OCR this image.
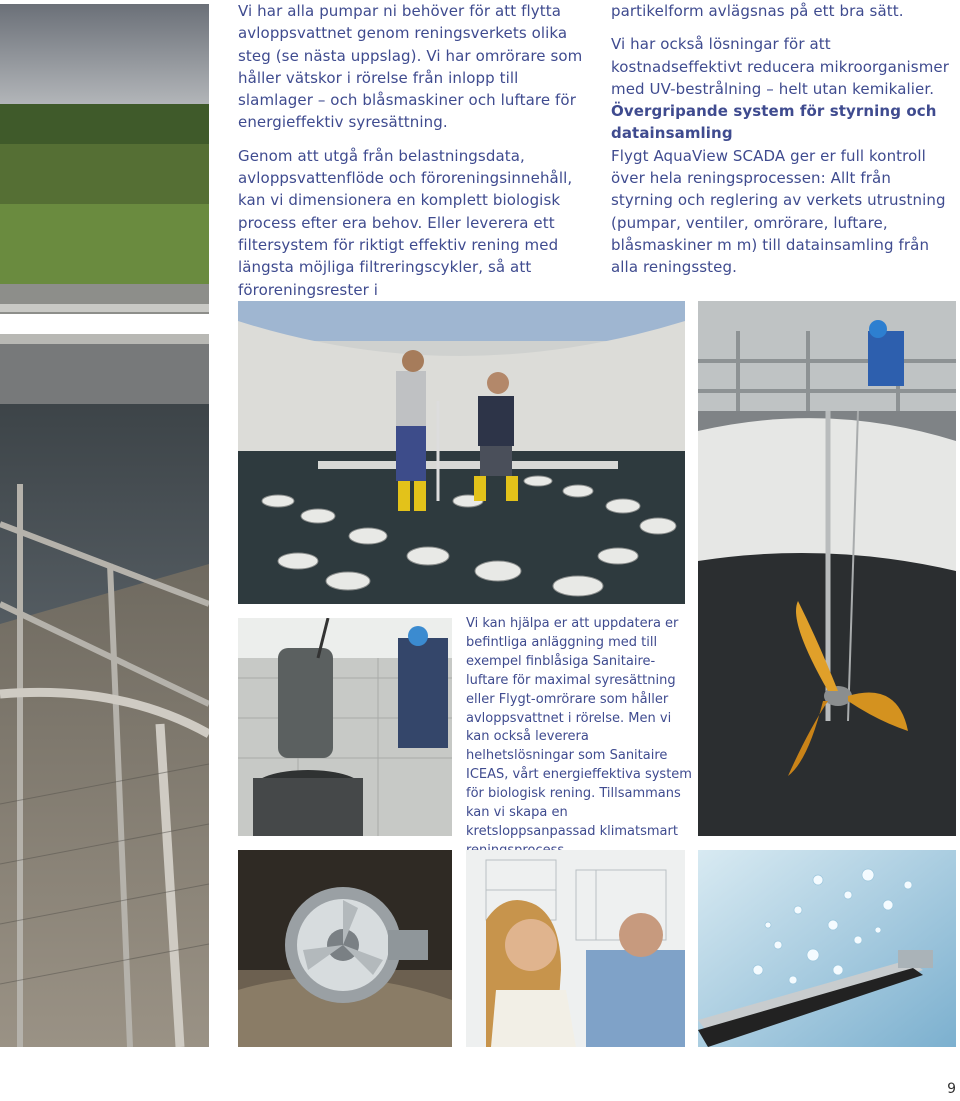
Vi har alla pumpar ni behöver för att flytta avloppsvattnet genom reningsverkets olika steg (se nästa uppslag). Vi har omrörare som håller vätskor i rörelse från inlopp till slamlager – och blåsmaskiner och luftare för energieffektiv syresättning.

Genom att utgå från belastningsdata, avloppsvattenflöde och föroreningsinnehåll, kan vi dimensionera en komplett biologisk process efter era behov. Eller leverera ett filtersystem för riktigt effektiv rening med längsta möjliga filtreringscykler, så att föroreningsrester i

partikelform avlägsnas på ett bra sätt.

Vi har också lösningar för att kostnadseffektivt reducera mikroorganismer med UV-bestrålning – helt utan kemikalier.

Övergripande system för styrning och datainsamling

Flygt AquaView SCADA ger er full kontroll över hela reningsprocessen: Allt från styrning och reglering av verkets utrustning (pumpar, ventiler, omrörare, luftare, blåsmaskiner m m) till datainsamling från alla reningssteg.

Vi kan hjälpa er att uppdatera er befintliga anläggning med till exempel finblåsiga Sanitaire-luftare för maximal syresättning eller Flygt-omrörare som håller avloppsvattnet i rörelse. Men vi kan också leverera helhetslösningar som Sanitaire ICEAS, vårt energieffektiva system för biologisk rening. Tillsammans kan vi skapa en kretsloppsanpassad klimatsmart
9
